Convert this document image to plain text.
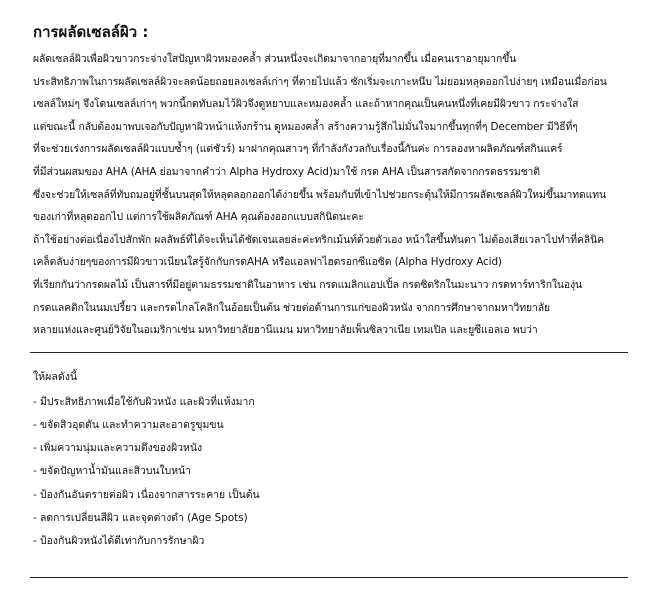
การผลัดเซลล์ผิว :
ผลัดเซลล์ผิวเพื่อผิวขาวกระจ่างใสปัญหาผิวหมองคล้ำ ส่วนหนึ่งจะเกิดมาจากอายุที่มากขึ้น เมื่อคนเราอายุมากขึ้น
ประสิทธิภาพในการผลัดเซลล์ผิวจะลดน้อยถอยลงเซลล์เก่าๆ ที่ตายไปแล้ว ซักเริ่มจะเกาะหนึบ ไม่ยอมหลุดออกไปง่ายๆ เหมือนเมื่อก่อน
เซลล์ใหม่ๆ จึงโดนเซลล์เก่าๆ พวกนี้กดทับลมไว้ผิวจึงดูหยาบและหมองคล้ำ และถ้าหากคุณเป็นคนหนึ่งที่เคยมีผิวขาว กระจ่างใส
แต่ขณะนี้ กลับต้องมาพบเจอกับปัญหาผิวหน้าแห้งกร้าน ดูหมองคล้ำ สร้างความรู้สึกไม่มั่นใจมากขึ้นทุกที่ๆ December มีวิธีที่ๆ
ที่จะช่วยเร่งการผลัดเซลล์ผิวแบบซ้ำๆ (แต่ชัวร์) มาฝากคุณสาวๆ ที่กำลังกังวลกับเรื่องนี้กันค่ะ การลองหาผลิตภัณฑ์สกินแคร์
ที่มีส่วนผสมของ AHA (AHA ย่อมาจากคำว่า Alpha Hydroxy Acid)มาใช้ กรด AHA เป็นสารสกัดจากกรดธรรมชาติ
ซึ่งจะช่วยให้เซลล์ที่ทับถมอยู่ที่ชั้นบนสุดให้หลุดลอกออกได้ง่ายขึ้น พร้อมกับที่เข้าไปช่วยกระตุ้นให้มีการผลัดเซลล์ผิวใหม่ขึ้นมาทดแทน
ของเก่าที่หลุดออกไป แต่การใช้ผลิตภัณฑ์ AHA คุณต้องออกแบบสกินิดนะคะ
ถ้าใช้อย่างต่อเนื่องไปสักพัก ผลลัพธ์ที่ได้จะเห็นได้ชัดเจนเลยล่ะค่ะทริกเม้นท์ด้วยตัวเอง หน้าใสขึ้นทันตา ไม่ต้องเสียเวลาไปทำที่คลินิค
เคล็ดลับง่ายๆของการมีผิวขาวเนียนใสรู้จักกับกรดAHA หรือแอลฟาไฮดรอกซีแอซิด (Alpha Hydroxy Acid)
ที่เรียกกันว่ากรดผลไม้ เป็นสารที่มีอยู่ตามธรรมชาติในอาหาร เช่น กรดแมลิกแอปเปิ้ล กรดซิตริกในมะนาว กรดทาร์ทาริกในองุ่น
กรดแลคติกในนมเปรี้ยว และกรดไกลโคลิกในอ้อยเป็นต้น ช่วยต่อต้านการแก่ของผิวหนัง จากการศึกษาจากมหาวิทยาลัย
หลายแห่งและศูนย์วิจัยในอเมริกาเช่น มหาวิทยาลัยฮานีแมน มหาวิทยาลัยเพ็นซิลวาเนีย เทมเปิล และยูซีแอลเอ พบว่า
ให้ผลดังนี้
- มีประสิทธิภาพเมื่อใช้กับผิวหนัง และผิวที่แห้งมาก
- ขจัดสิวอุดตัน และทำความสะอาดรูขุมขน
- เพิ่มความนุ่มและความตึงของผิวหนัง
- ขจัดปัญหาน้ำมันและสิวบนใบหน้า
- ป้องกันอันตรายต่อผิว เนื่องจากสารระคาย เป็นต้น
- ลดการเปลี่ยนสีผิว และจุดด่างดำ (Age Spots)
- ป้องกันผิวหนังได้ดีเท่ากับการรักษาผิว
